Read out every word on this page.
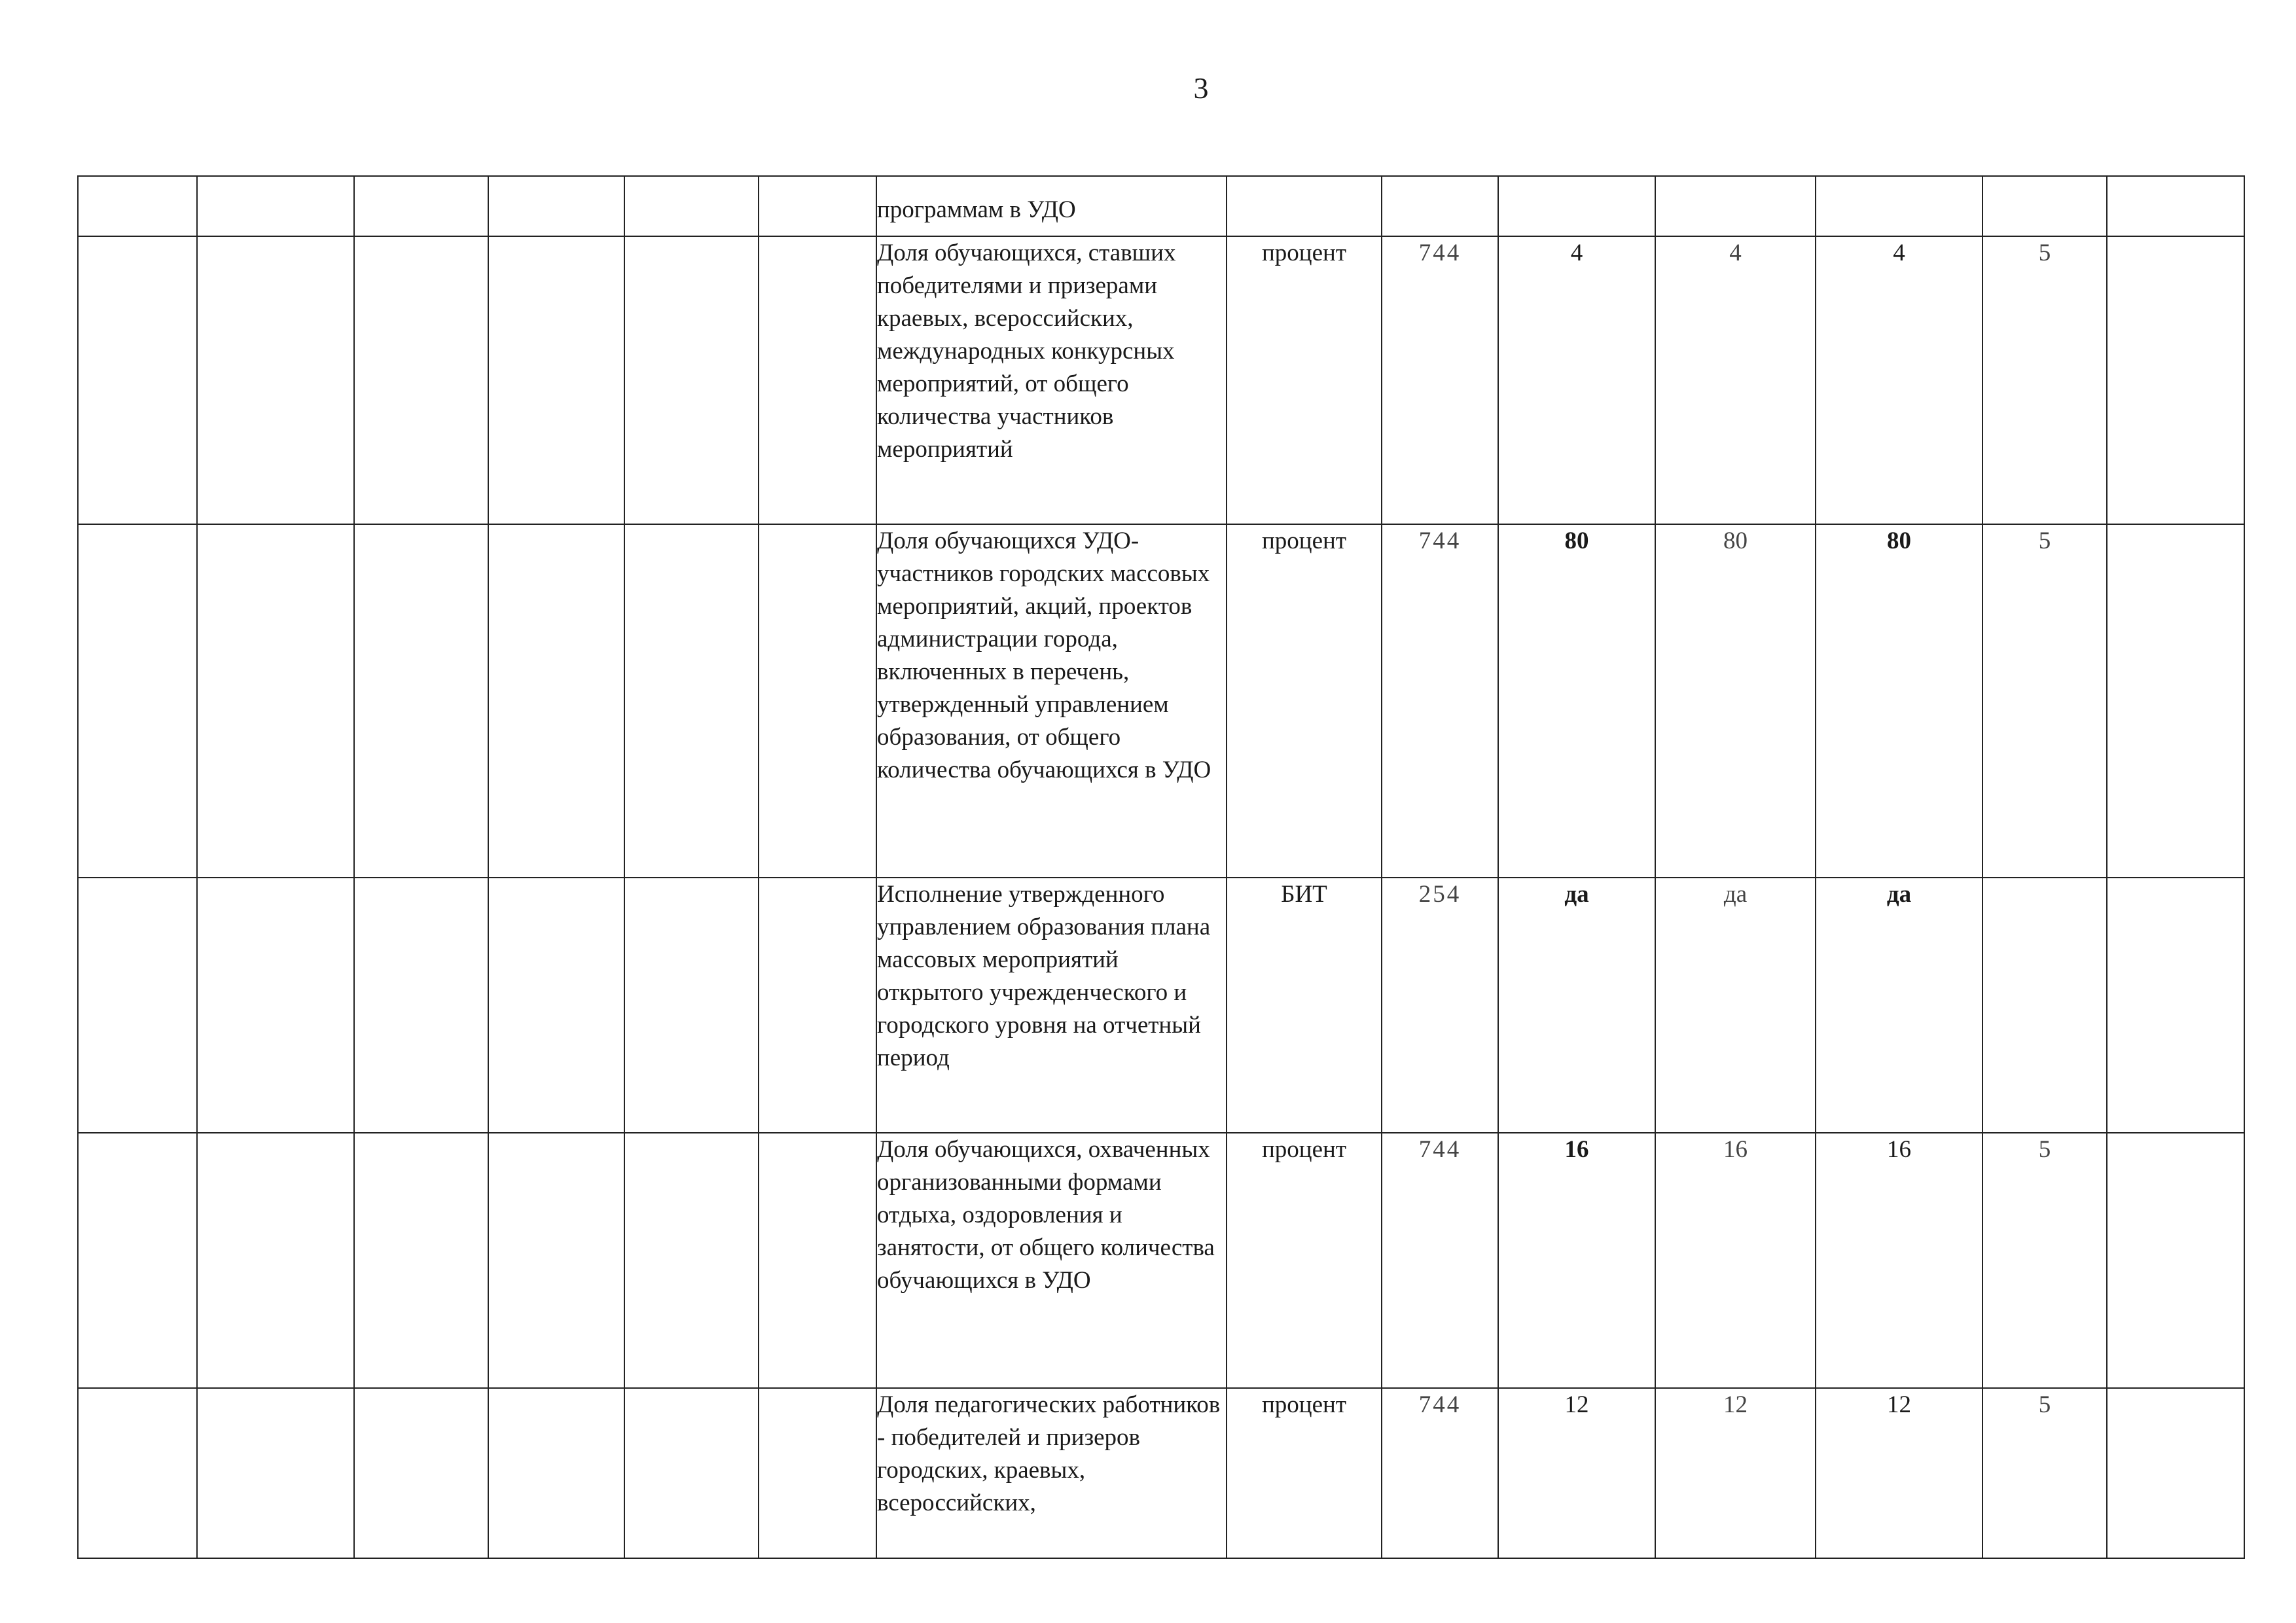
3
						программам в УДО							
						Доля обучающихся, ставших победителями и призерами краевых, всероссийских, международных конкурсных мероприятий, от общего количества участников мероприятий	процент	744	4	4	4	5	
						Доля обучающихся УДО-участников городских массовых мероприятий, акций, проектов администрации города, включенных в перечень, утвержденный управлением образования, от общего количества обучающихся в УДО	процент	744	80	80	80	5	
						Исполнение утвержденного управлением образования плана массовых мероприятий открытого учрежденческого и городского уровня на отчетный период	БИТ	254	да	да	да		
						Доля обучающихся, охваченных организованными формами отдыха, оздоровления и занятости, от общего количества обучающихся в УДО	процент	744	16	16	16	5	
						Доля педагогических работников - победителей и призеров городских, краевых, всероссийских,	процент	744	12	12	12	5	
